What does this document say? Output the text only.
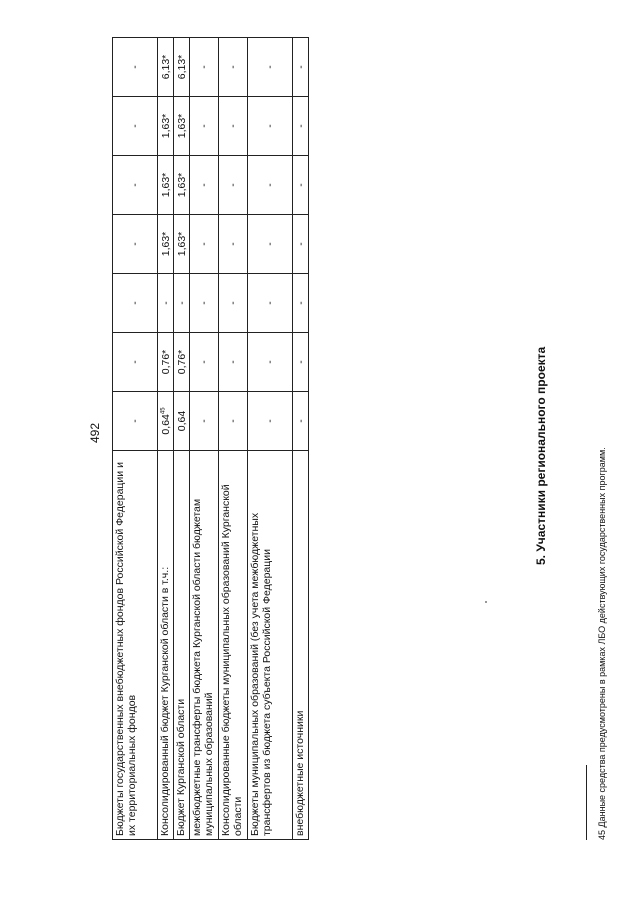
492
Бюджеты государственных внебюджетных фондов Российской Федерации и их территориальных фондов	-	-	-	-	-	-	-
Консолидированный бюджет Курганской области в т.ч.:	0,64$^{45}$	0,76*	-	1,63*	1,63*	1,63*	6,13*
Бюджет Курганской области	0,64	0,76*	-	1,63*	1,63*	1,63*	6,13*
межбюджетные трансферты бюджета Курганской области бюджетам муниципальных образований	-	-	-	-	-	-	-
Консолидированные бюджеты муниципальных образований Курганской области	-	-	-	-	-	-	-
Бюджеты муниципальных образований (без учета межбюджетных трансфертов из бюджета субъекта Российской Федерации	-	-	-	-	-	-	-
внебюджетные источники	-	-	-	-	-	-	-
5. Участники регионального проекта
45 Данные средства предусмотрены в рамках ЛБО действующих государственных программ.
